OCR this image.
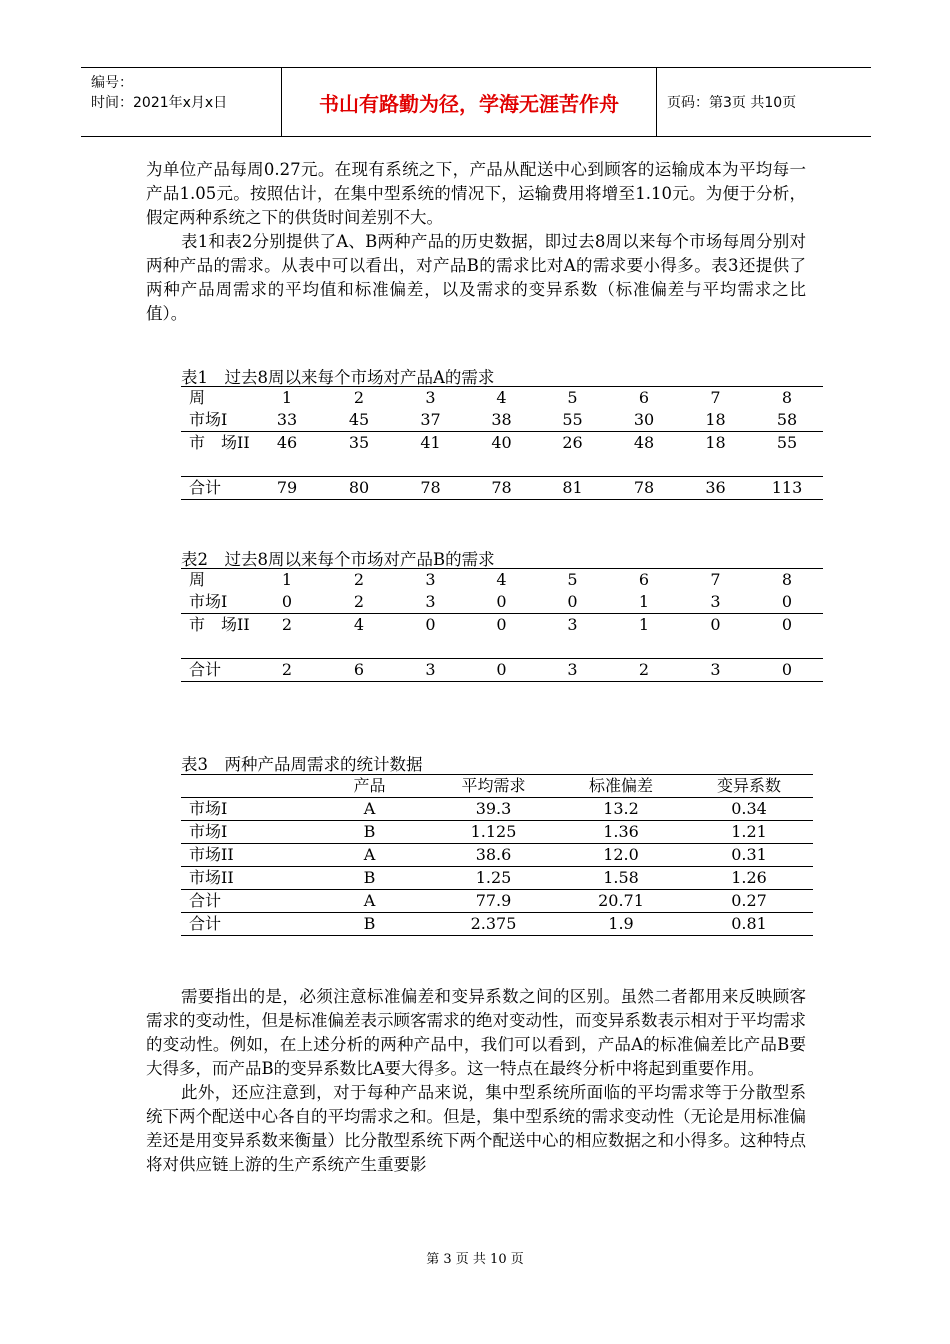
编号：
时间：2021年x月x日	书山有路勤为径，学海无涯苦作舟	页码：第3页 共10页

为单位产品每周0.27元。在现有系统之下，产品从配送中心到顾客的运输成本为平均每一产品1.05元。按照估计，在集中型系统的情况下，运输费用将增至1.10元。为便于分析，假定两种系统之下的供货时间差别不大。

表1和表2分别提供了A、B两种产品的历史数据，即过去8周以来每个市场每周分别对两种产品的需求。从表中可以看出，对产品B的需求比对A的需求要小得多。表3还提供了两种产品周需求的平均值和标准偏差，以及需求的变异系数（标准偏差与平均需求之比值）。

表1　过去8周以来每个市场对产品A的需求
周	1	2	3	4	5	6	7	8
市场I	33	45	37	38	55	30	18	58
市　场II	46	35	41	40	26	48	18	55
合计	79	80	78	78	81	78	36	113
表2　过去8周以来每个市场对产品B的需求
周	1	2	3	4	5	6	7	8
市场I	0	2	3	0	0	1	3	0
市　场II	2	4	0	0	3	1	0	0
合计	2	6	3	0	3	2	3	0
表3　两种产品周需求的统计数据
	产品	平均需求	标准偏差	变异系数
市场I	A	39.3	13.2	0.34
市场I	B	1.125	1.36	1.21
市场II	A	38.6	12.0	0.31
市场II	B	1.25	1.58	1.26
合计	A	77.9	20.71	0.27
合计	B	2.375	1.9	0.81

需要指出的是，必须注意标准偏差和变异系数之间的区别。虽然二者都用来反映顾客需求的变动性，但是标准偏差表示顾客需求的绝对变动性，而变异系数表示相对于平均需求的变动性。例如，在上述分析的两种产品中，我们可以看到，产品A的标准偏差比产品B要大得多，而产品B的变异系数比A要大得多。这一特点在最终分析中将起到重要作用。

此外，还应注意到，对于每种产品来说，集中型系统所面临的平均需求等于分散型系统下两个配送中心各自的平均需求之和。但是，集中型系统的需求变动性（无论是用标准偏差还是用变异系数来衡量）比分散型系统下两个配送中心的相应数据之和小得多。这种特点将对供应链上游的生产系统产生重要影

第 3 页 共 10 页
